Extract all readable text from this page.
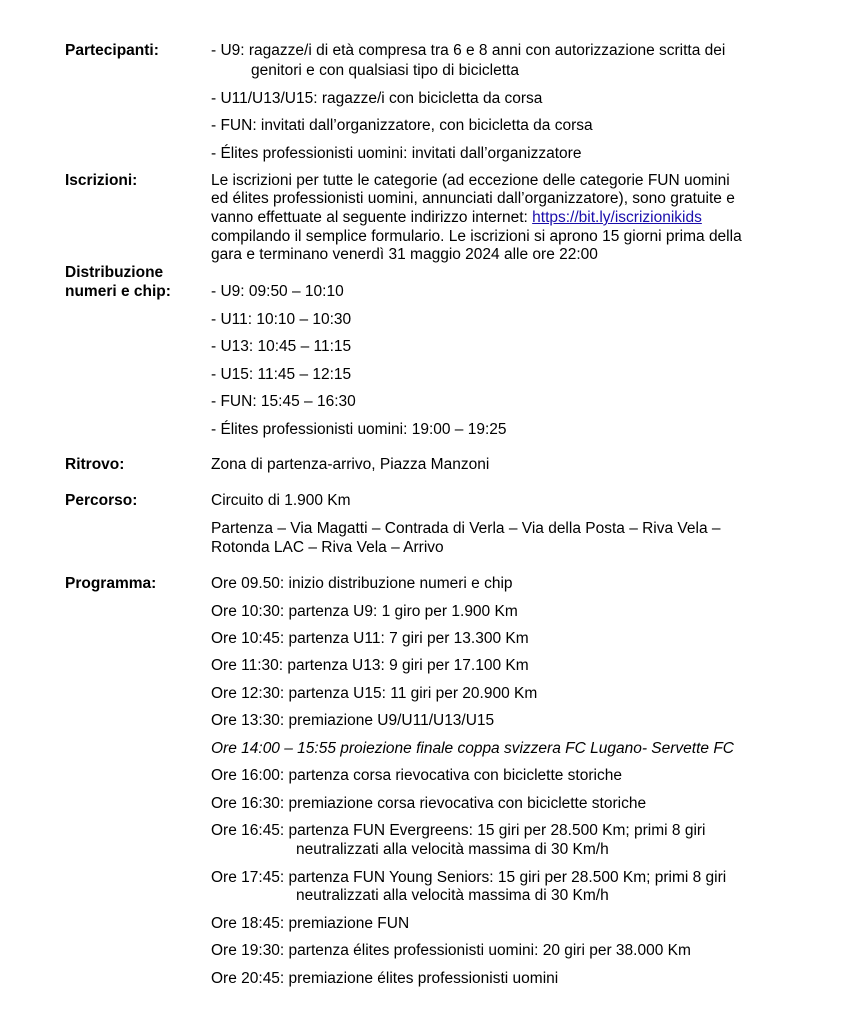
Partecipanti:	- U9: ragazze/i di età compresa tra 6 e 8 anni con autorizzazione scritta dei
genitori e con qualsiasi tipo di bicicletta
- U11/U13/U15: ragazze/i con bicicletta da corsa
- FUN: invitati dall’organizzatore, con bicicletta da corsa
- Élites professionisti uomini: invitati dall’organizzatore
Iscrizioni:	Le iscrizioni per tutte le categorie (ad eccezione delle categorie FUN uomini
ed élites professionisti uomini, annunciati dall’organizzatore), sono gratuite e
vanno effettuate al seguente indirizzo internet: https://bit.ly/iscrizionikids
compilando il semplice formulario. Le iscrizioni si aprono 15 giorni prima della
gara e terminano venerdì 31 maggio 2024 alle ore 22:00
Distribuzione
numeri e chip:	- U9: 09:50 – 10:10
- U11: 10:10 – 10:30
- U13: 10:45 – 11:15
- U15: 11:45 – 12:15
- FUN: 15:45 – 16:30
- Élites professionisti uomini: 19:00 – 19:25
Ritrovo:	Zona di partenza-arrivo, Piazza Manzoni
Percorso:	Circuito di 1.900 Km
Partenza – Via Magatti – Contrada di Verla – Via della Posta – Riva Vela –
Rotonda LAC – Riva Vela – Arrivo
Programma:	Ore 09.50: inizio distribuzione numeri e chip
Ore 10:30: partenza U9: 1 giro per 1.900 Km
Ore 10:45: partenza U11: 7 giri per 13.300 Km
Ore 11:30: partenza U13: 9 giri per 17.100 Km
Ore 12:30: partenza U15: 11 giri per 20.900 Km
Ore 13:30: premiazione U9/U11/U13/U15
Ore 14:00 – 15:55 proiezione finale coppa svizzera FC Lugano- Servette FC
Ore 16:00: partenza corsa rievocativa con biciclette storiche
Ore 16:30: premiazione corsa rievocativa con biciclette storiche
Ore 16:45: partenza FUN Evergreens: 15 giri per 28.500 Km; primi 8 giri
neutralizzati alla velocità massima di 30 Km/h
Ore 17:45: partenza FUN Young Seniors: 15 giri per 28.500 Km; primi 8 giri
neutralizzati alla velocità massima di 30 Km/h
Ore 18:45: premiazione FUN
Ore 19:30: partenza élites professionisti uomini: 20 giri per 38.000 Km
Ore 20:45: premiazione élites professionisti uomini
